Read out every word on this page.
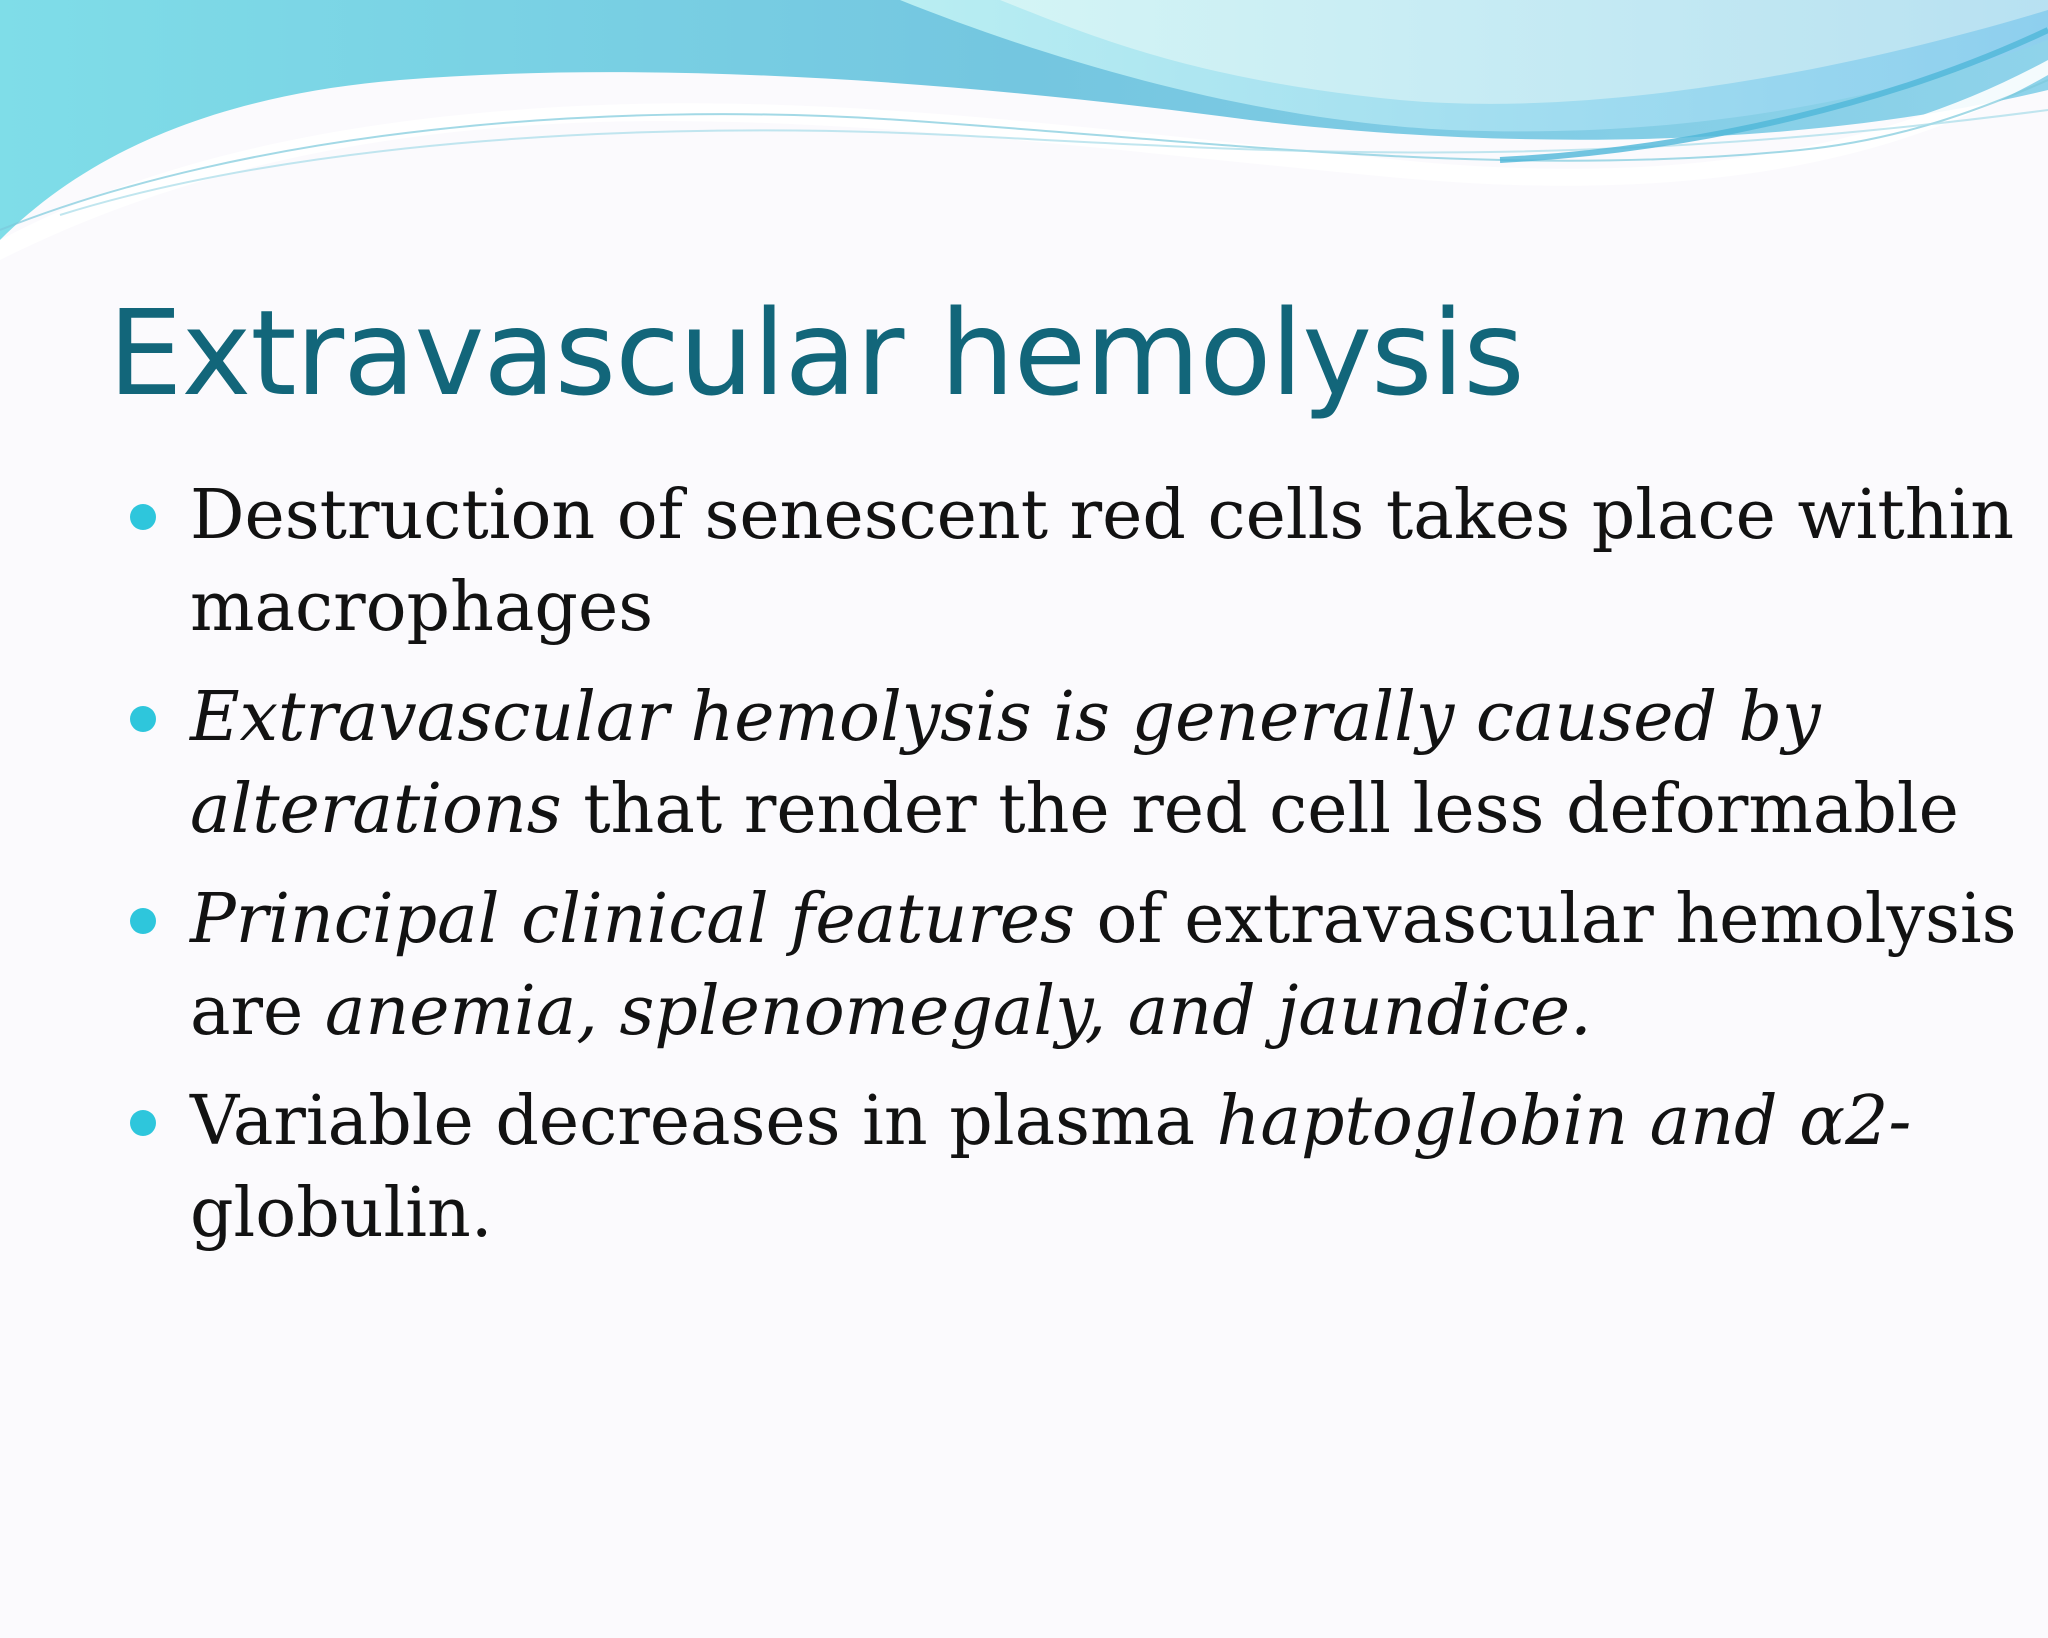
Extravascular hemolysis
Destruction of senescent red cells takes place within
macrophages
Extravascular hemolysis is generally caused by
alterations that render the red cell less deformable
Principal clinical features of extravascular hemolysis
are anemia, splenomegaly, and jaundice.
Variable decreases in plasma haptoglobin and α2-
globulin.
